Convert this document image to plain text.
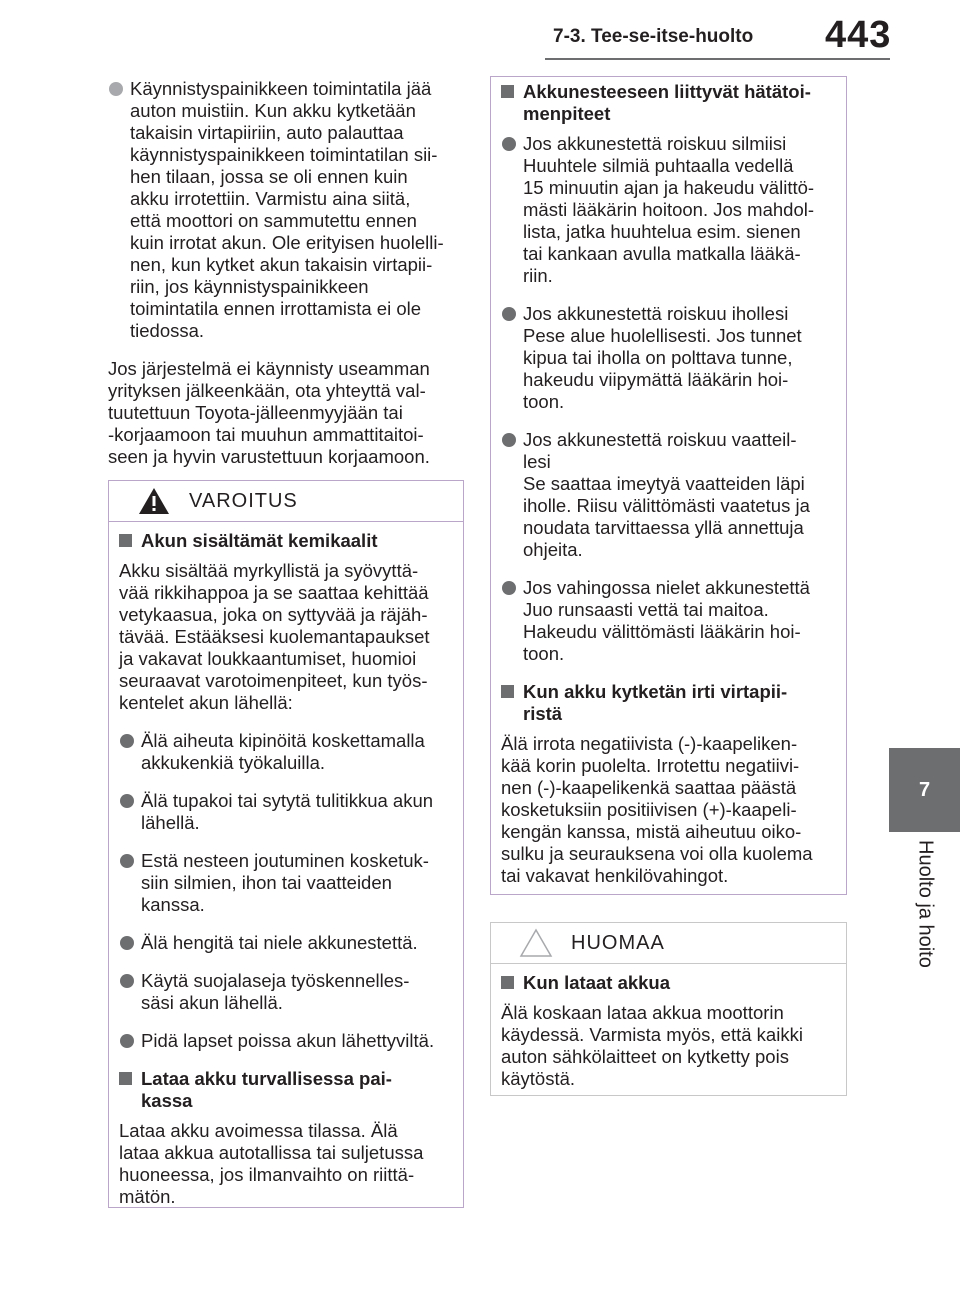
7-3. Tee-se-itse-huolto 443
7
Huolto ja hoito
Käynnistyspainikkeen toimintatila jää
auton muistiin. Kun akku kytketään
takaisin virtapiiriin, auto palauttaa
käynnistyspainikkeen toimintatilan sii-
hen tilaan, jossa se oli ennen kuin
akku irrotettiin. Varmistu aina siitä,
että moottori on sammutettu ennen
kuin irrotat akun. Ole erityisen huolelli-
nen, kun kytket akun takaisin virtapii-
riin, jos käynnistyspainikkeen
toimintatila ennen irrottamista ei ole
tiedossa.
Jos järjestelmä ei käynnisty useamman
yrityksen jälkeenkään, ota yhteyttä val-
tuutettuun Toyota-jälleenmyyjään tai
-korjaamoon tai muuhun ammattitaitoi-
seen ja hyvin varustettuun korjaamoon.
VAROITUS
Akun sisältämät kemikaalit
Akku sisältää myrkyllistä ja syövyttä-
vää rikkihappoa ja se saattaa kehittää
vetykaasua, joka on syttyvää ja räjäh-
tävää. Estääksesi kuolemantapaukset
ja vakavat loukkaantumiset, huomioi
seuraavat varotoimenpiteet, kun työs-
kentelet akun lähellä:
Älä aiheuta kipinöitä koskettamalla
akkukenkiä työkaluilla.
Älä tupakoi tai sytytä tulitikkua akun
lähellä.
Estä nesteen joutuminen kosketuk-
siin silmien, ihon tai vaatteiden
kanssa.
Älä hengitä tai niele akkunestettä.
Käytä suojalaseja työskennelles-
säsi akun lähellä.
Pidä lapset poissa akun lähettyviltä.
Lataa akku turvallisessa pai-
kassa
Lataa akku avoimessa tilassa. Älä
lataa akkua autotallissa tai suljetussa
huoneessa, jos ilmanvaihto on riittä-
mätön.
Akkunesteeseen liittyvät hätätoi-
menpiteet
Jos akkunestettä roiskuu silmiisi
Huuhtele silmiä puhtaalla vedellä
15 minuutin ajan ja hakeudu välittö-
mästi lääkärin hoitoon. Jos mahdol-
lista, jatka huuhtelua esim. sienen
tai kankaan avulla matkalla lääkä-
riin.
Jos akkunestettä roiskuu ihollesi
Pese alue huolellisesti. Jos tunnet
kipua tai iholla on polttava tunne,
hakeudu viipymättä lääkärin hoi-
toon.
Jos akkunestettä roiskuu vaatteil-
lesi
Se saattaa imeytyä vaatteiden läpi
iholle. Riisu välittömästi vaatetus ja
noudata tarvittaessa yllä annettuja
ohjeita.
Jos vahingossa nielet akkunestettä
Juo runsaasti vettä tai maitoa.
Hakeudu välittömästi lääkärin hoi-
toon.
Kun akku kytketän irti virtapii-
ristä
Älä irrota negatiivista (-)-kaapeliken-
kää korin puolelta. Irrotettu negatiivi-
nen (-)-kaapelikenkä saattaa päästä
kosketuksiin positiivisen (+)-kaapeli-
kengän kanssa, mistä aiheutuu oiko-
sulku ja seurauksena voi olla kuolema
tai vakavat henkilövahingot.
HUOMAA
Kun lataat akkua
Älä koskaan lataa akkua moottorin
käydessä. Varmista myös, että kaikki
auton sähkölaitteet on kytketty pois
käytöstä.
